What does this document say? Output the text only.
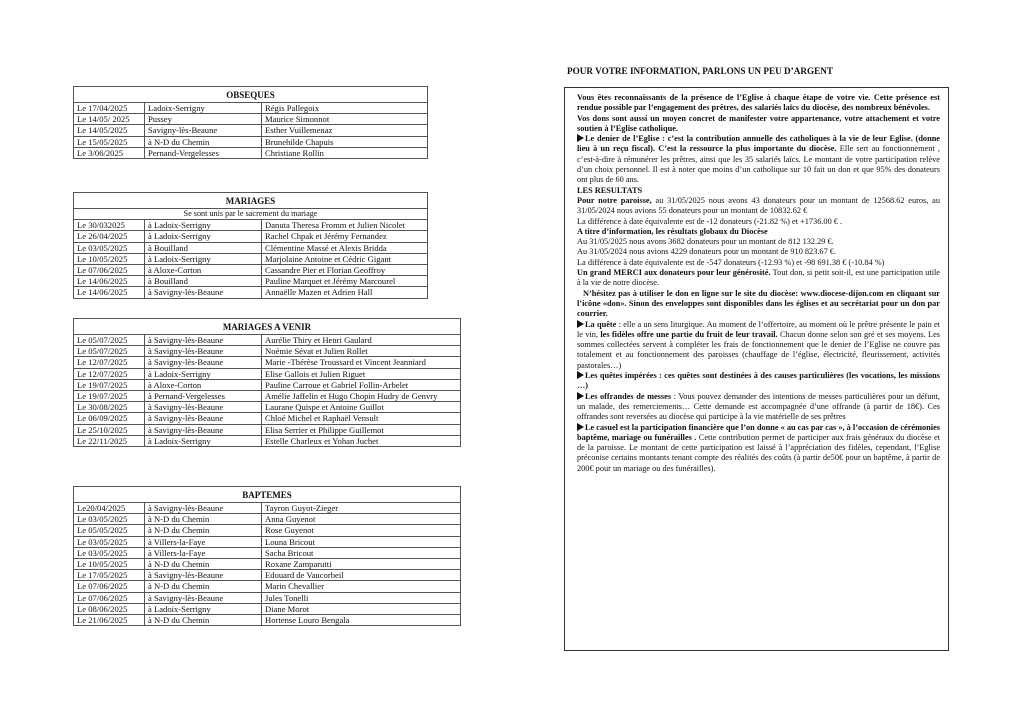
OBSEQUES		
Le 17/04/2025	Ladoix-Serrigny	Régis Pallegoix
Le 14/05/ 2025	Pussey	Maurice Simonnot
Le 14/05/2025	Savigny-lès-Beaune	Esther Vuillemenaz
Le 15/05/2025	à N-D du Chemin	Brunehilde Chapuis
Le 3/06/2025	Pernand-Vergelesses	Christiane Rollin
MARIAGES		
Se sont unis par le sacrement du mariage		
Le 30/032025	à Ladoix-Serrigny	Danuta Theresa Fromm et Julien Nicolet
Le 26/04/2025	à Ladoix-Serrigny	Rachel Chpak et Jérémy Fernandez
Le 03/05/2025	à Bouilland	Clémentine Massé et Alexis Bridda
Le 10/05/2025	à Ladoix-Serrigny	Marjolaine Antoine et Cédric Gigant
Le 07/06/2025	à Aloxe-Corton	Cassandre Pier et Florian Geoffroy
Le 14/06/2025	à Bouilland	Pauline Marquet et Jérémy Marcourel
Le 14/06/2025	à Savigny-lès-Beaune	Annaëlle Mazen et Adrien Hall
MARIAGES A VENIR		
Le 05/07/2025	à Savigny-lès-Beaune	Aurélie Thiry et Henri Gaulard
Le 05/07/2025	à Savigny-lès-Beaune	Noémie Sévat et Julien Rollet
Le 12/07/2025	à Savigny-lès-Beaune	Marie -Thérèse Troussard et Vincent Jeanniard
Le 12/07/2025	à Ladoix-Serrigny	Elise Gallois et Julien Riguet
Le 19/07/2025	à Aloxe-Corton	Pauline Carroue et Gabriel Follin-Arbelet
Le 19/07/2025	à Pernand-Vergelesses	Amélie Jaffelin et Hugo Chopin Hudry de Genvry
Le 30/08/2025	à Savigny-lès-Beaune	Laurane Quispe et Antoine Guillot
Le 06/09/2025	à Savigny-lès-Beaune	Chloé Michel et Raphaël Vensult
Le 25/10/2025	à Savigny-lès-Beaune	Elisa Serrier et Philippe Guillemot
Le 22/11/2025	à Ladoix-Serrigny	Estelle Charleux et Yohan Juchet
BAPTEMES		
Le20/04/2025	à Savigny-lès-Beaune	Tayron Guyot-Zieger
Le 03/05/2025	à N-D du Chemin	Anna Guyenot
Le 05/05/2025	à N-D du Chemin	Rose Guyenot
Le 03/05/2025	à Villers-la-Faye	Louna Bricout
Le 03/05/2025	à Villers-la-Faye	Sacha Bricout
Le 10/05/2025	à N-D du Chemin	Roxane Zamparutti
Le 17/05/2025	à Savigny-lès-Beaune	Edouard de Vaucorbeil
Le 07/06/2025	à N-D du Chemin	Marin Chevallier
Le 07/06/2025	à Savigny-lès-Beaune	Jules Tonelli
Le 08/06/2025	à Ladoix-Serrigny	Diane Morot
Le 21/06/2025	à N-D du Chemin	Hortense Louro Bengala
POUR VOTRE INFORMATION, PARLONS UN PEU D’ARGENT

Vous êtes reconnaissants de la présence de l’Eglise à chaque étape de votre vie. Cette présence est rendue possible par l’engagement des prêtres, des salariés laïcs du diocèse, des nombreux bénévoles.

Vos dons sont aussi un moyen concret de manifester votre appartenance, votre attachement et votre soutien à l’Eglise catholique.

Le denier de l’Eglise : c’est la contribution annuelle des catholiques à la vie de leur Eglise. (donne lieu à un reçu fiscal). C’est la ressource la plus importante du diocèse. Elle sert au fonctionnement , c’est-à-dire à rémunérer les prêtres, ainsi que les 35 salariés laïcs. Le montant de votre participation relève d’un choix personnel. Il est à noter que moins d’un catholique sur 10 fait un don et que 95% des donateurs ont plus de 60 ans.

LES RESULTATS

Pour notre paroisse, au 31/05/2025 nous avons 43 donateurs pour un montant de 12568.62 euros, au 31/05/2024 nous avions 55 donateurs pour un montant de 10832.62 €

La différence à date équivalente est de -12 donateurs (-21.82 %) et +1736.00 € .

A titre d’information, les résultats globaux du Diocèse

Au 31/05/2025 nous avons 3682 donateurs pour un montant de 812 132.29 €.

Au 31/05/2024 nous avions 4229 donateurs pour un montant de 910 823.67 €.

La différence à date équivalente est de -547 donateurs (-12.93 %) et -98 691.38 € (-10.84 %)

Un grand MERCI aux donateurs pour leur générosité. Tout don, si petit soit-il, est une participation utile à la vie de notre diocèse.

N’hésitez pas à utiliser le don en ligne sur le site du diocèse: www.diocese-dijon.com en cliquant sur l’icône «don». Sinon des enveloppes sont disponibles dans les églises et au secrétariat pour un don par courrier.

La quête : elle a un sens liturgique. Au moment de l’offertoire, au moment où le prêtre présente le pain et le vin, les fidèles offre une partie du fruit de leur travail. Chacun donne selon son gré et ses moyens. Les sommes collectées servent à compléter les frais de fonctionnement que le denier de l’Eglise ne couvre pas totalement et au fonctionnement des paroisses (chauffage de l’église, électricité, fleurissement, activités pastorales…)

Les quêtes impérées : ces quêtes sont destinées à des causes particulières (les vocations, les missions …)

Les offrandes de messes : Vous pouvez demander des intentions de messes particulières pour un défunt, un malade, des remerciements… Cette demande est accompagnée d’une offrande (à partir de 18€). Ces offrandes sont reversées au diocèse qui participe à la vie matérielle de ses prêtres

Le casuel est la participation financière que l’on donne « au cas par cas », à l’occasion de cérémonies baptême, mariage ou funérailles . Cette contribution permet de participer aux frais généraux du diocèse et de la paroisse. Le montant de cette participation est laissé à l’appréciation des fidèles, cependant, l’Eglise préconise certains montants tenant compte des réalités des coûts (à partir de50€ pour un baptême, à partir de 200€ pour un mariage ou des funérailles).
